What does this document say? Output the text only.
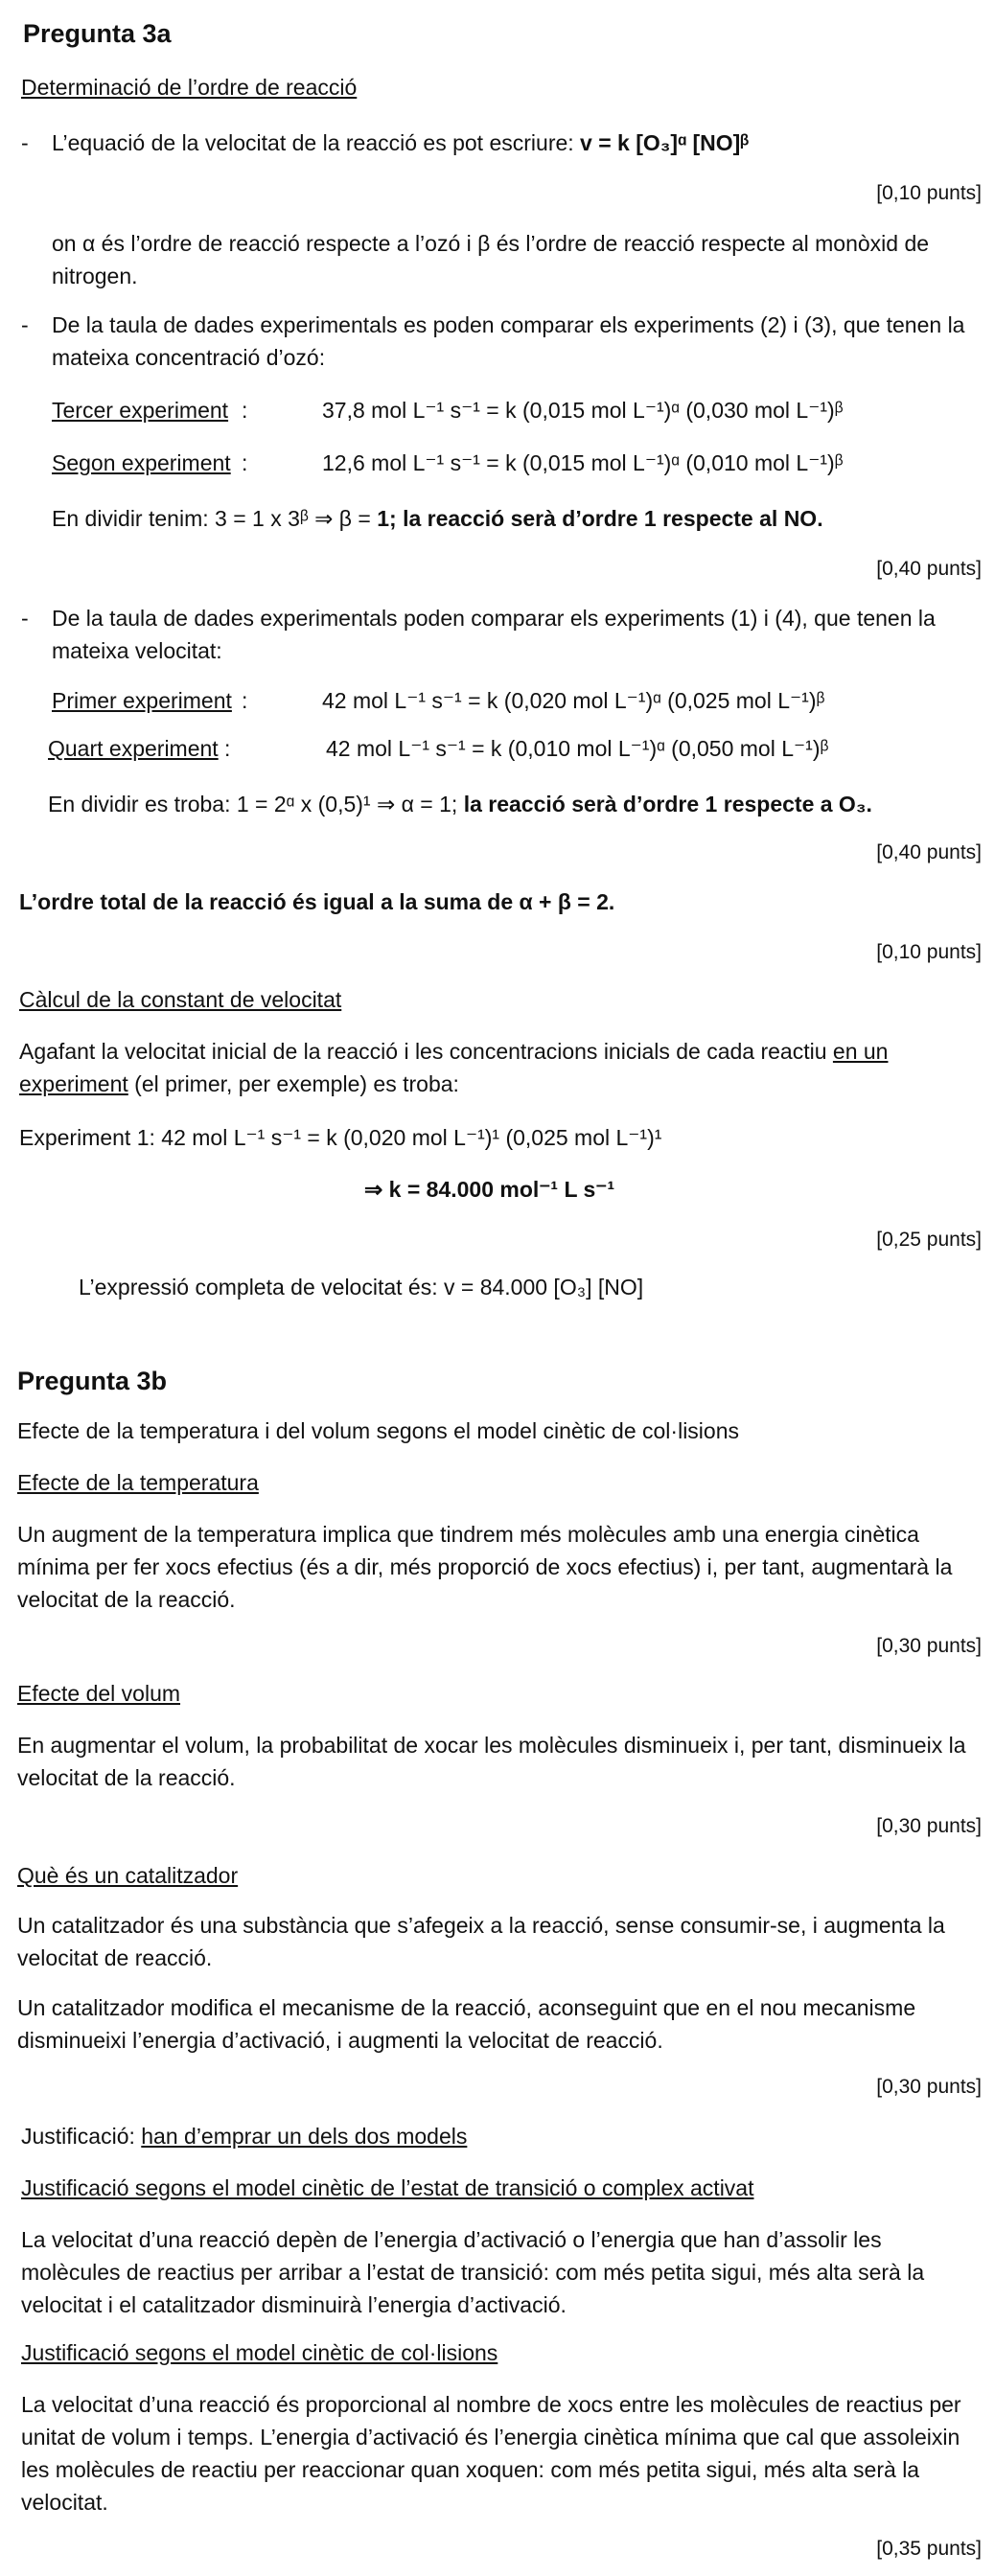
Pregunta 3a
Determinació de l’ordre de reacció
- L’equació de la velocitat de la reacció es pot escriure: v = k [O₃]ᵅ [NO]ᵝ
[0,10 punts]
on α és l’ordre de reacció respecte a l’ozó i β és l’ordre de reacció respecte al monòxid de nitrogen.
- De la taula de dades experimentals es poden comparar els experiments (2) i (3), que tenen la mateixa concentració d’ozó:
Tercer experiment :	37,8 mol L⁻¹ s⁻¹ = k (0,015 mol L⁻¹)ᵅ (0,030 mol L⁻¹)ᵝ
Segon experiment :	12,6 mol L⁻¹ s⁻¹ = k (0,015 mol L⁻¹)ᵅ (0,010 mol L⁻¹)ᵝ
En dividir tenim: 3 = 1 x 3ᵝ ⇒ β = 1; la reacció serà d’ordre 1 respecte al NO.
[0,40 punts]
- De la taula de dades experimentals poden comparar els experiments (1) i (4), que tenen la mateixa velocitat:
Primer experiment :	42 mol L⁻¹ s⁻¹ = k (0,020 mol L⁻¹)ᵅ (0,025 mol L⁻¹)ᵝ
Quart experiment :	42 mol L⁻¹ s⁻¹ = k (0,010 mol L⁻¹)ᵅ (0,050 mol L⁻¹)ᵝ
En dividir es troba: 1 = 2ᵅ x (0,5)¹ ⇒ α = 1; la reacció serà d’ordre 1 respecte a O₃.
[0,40 punts]
L’ordre total de la reacció és igual a la suma de α + β = 2.
[0,10 punts]
Càlcul de la constant de velocitat
Agafant la velocitat inicial de la reacció i les concentracions inicials de cada reactiu en un experiment (el primer, per exemple) es troba:
Experiment 1: 42 mol L⁻¹ s⁻¹ = k (0,020 mol L⁻¹)¹ (0,025 mol L⁻¹)¹
⇒ k = 84.000 mol⁻¹ L s⁻¹
[0,25 punts]
L’expressió completa de velocitat és: v = 84.000 [O₃] [NO]
Pregunta 3b
Efecte de la temperatura i del volum segons el model cinètic de col·lisions
Efecte de la temperatura
Un augment de la temperatura implica que tindrem més molècules amb una energia cinètica mínima per fer xocs efectius (és a dir, més proporció de xocs efectius) i, per tant, augmentarà la velocitat de la reacció.
[0,30 punts]
Efecte del volum
En augmentar el volum, la probabilitat de xocar les molècules disminueix i, per tant, disminueix la velocitat de la reacció.
[0,30 punts]
Què és un catalitzador
Un catalitzador és una substància que s’afegeix a la reacció, sense consumir-se, i augmenta la velocitat de reacció.
Un catalitzador modifica el mecanisme de la reacció, aconseguint que en el nou mecanisme disminueixi l’energia d’activació, i augmenti la velocitat de reacció.
[0,30 punts]
Justificació: han d’emprar un dels dos models
Justificació segons el model cinètic de l’estat de transició o complex activat
La velocitat d’una reacció depèn de l’energia d’activació o l’energia que han d’assolir les molècules de reactius per arribar a l’estat de transició: com més petita sigui, més alta serà la velocitat i el catalitzador disminuirà l’energia d’activació.
Justificació segons el model cinètic de col·lisions
La velocitat d’una reacció és proporcional al nombre de xocs entre les molècules de reactius per unitat de volum i temps. L’energia d’activació és l’energia cinètica mínima que cal que assoleixin les molècules de reactiu per reaccionar quan xoquen: com més petita sigui, més alta serà la velocitat.
[0,35 punts]
